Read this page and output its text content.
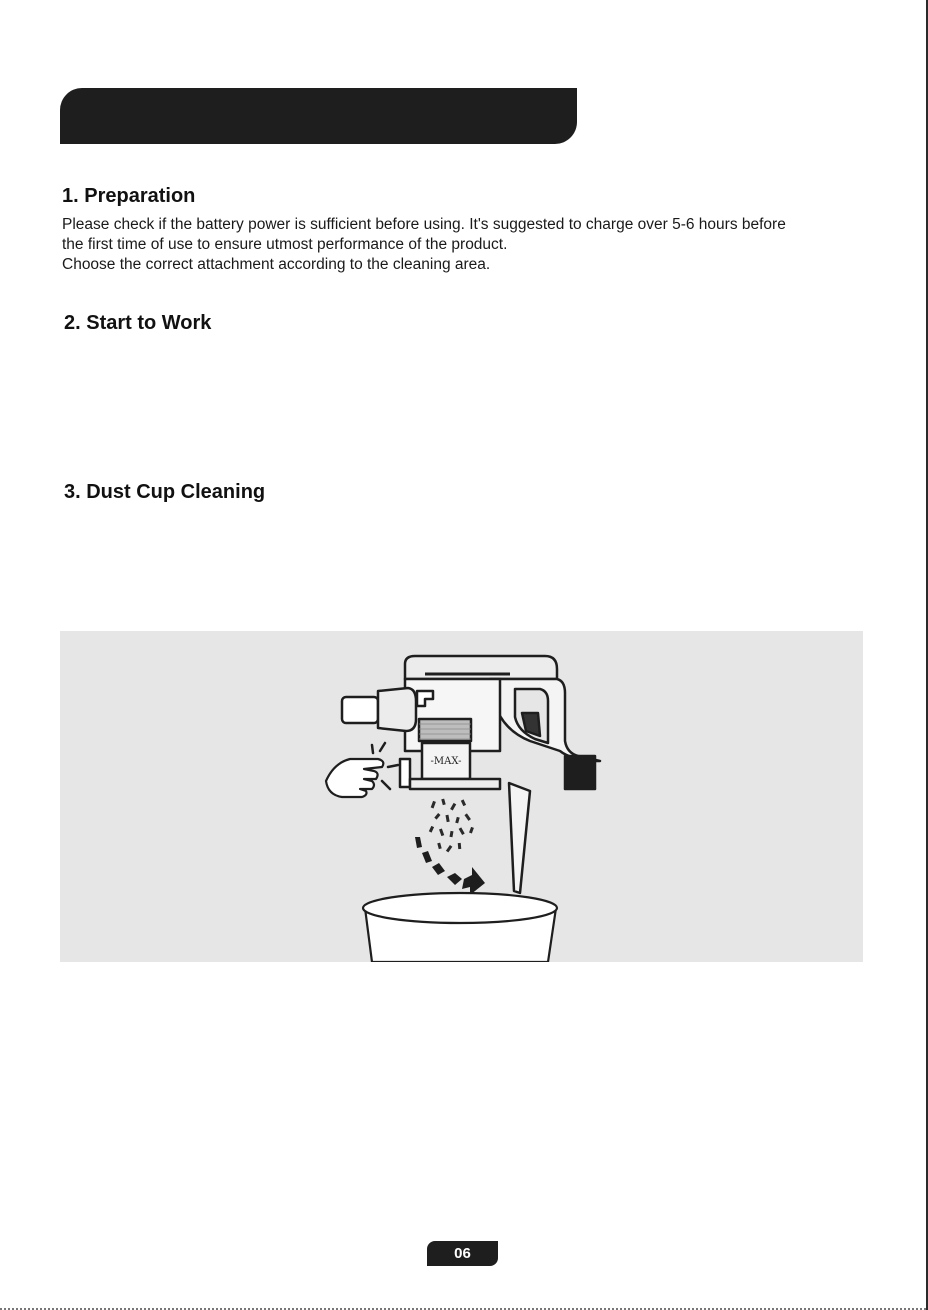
1. Preparation

Please check if the battery power is sufficient before using. It's suggested to charge over 5-6 hours before

the first time of use to ensure utmost performance of the product.

Choose the correct attachment according to the cleaning area.

2. Start to Work
3. Dust Cup Cleaning
-MAX-
06
